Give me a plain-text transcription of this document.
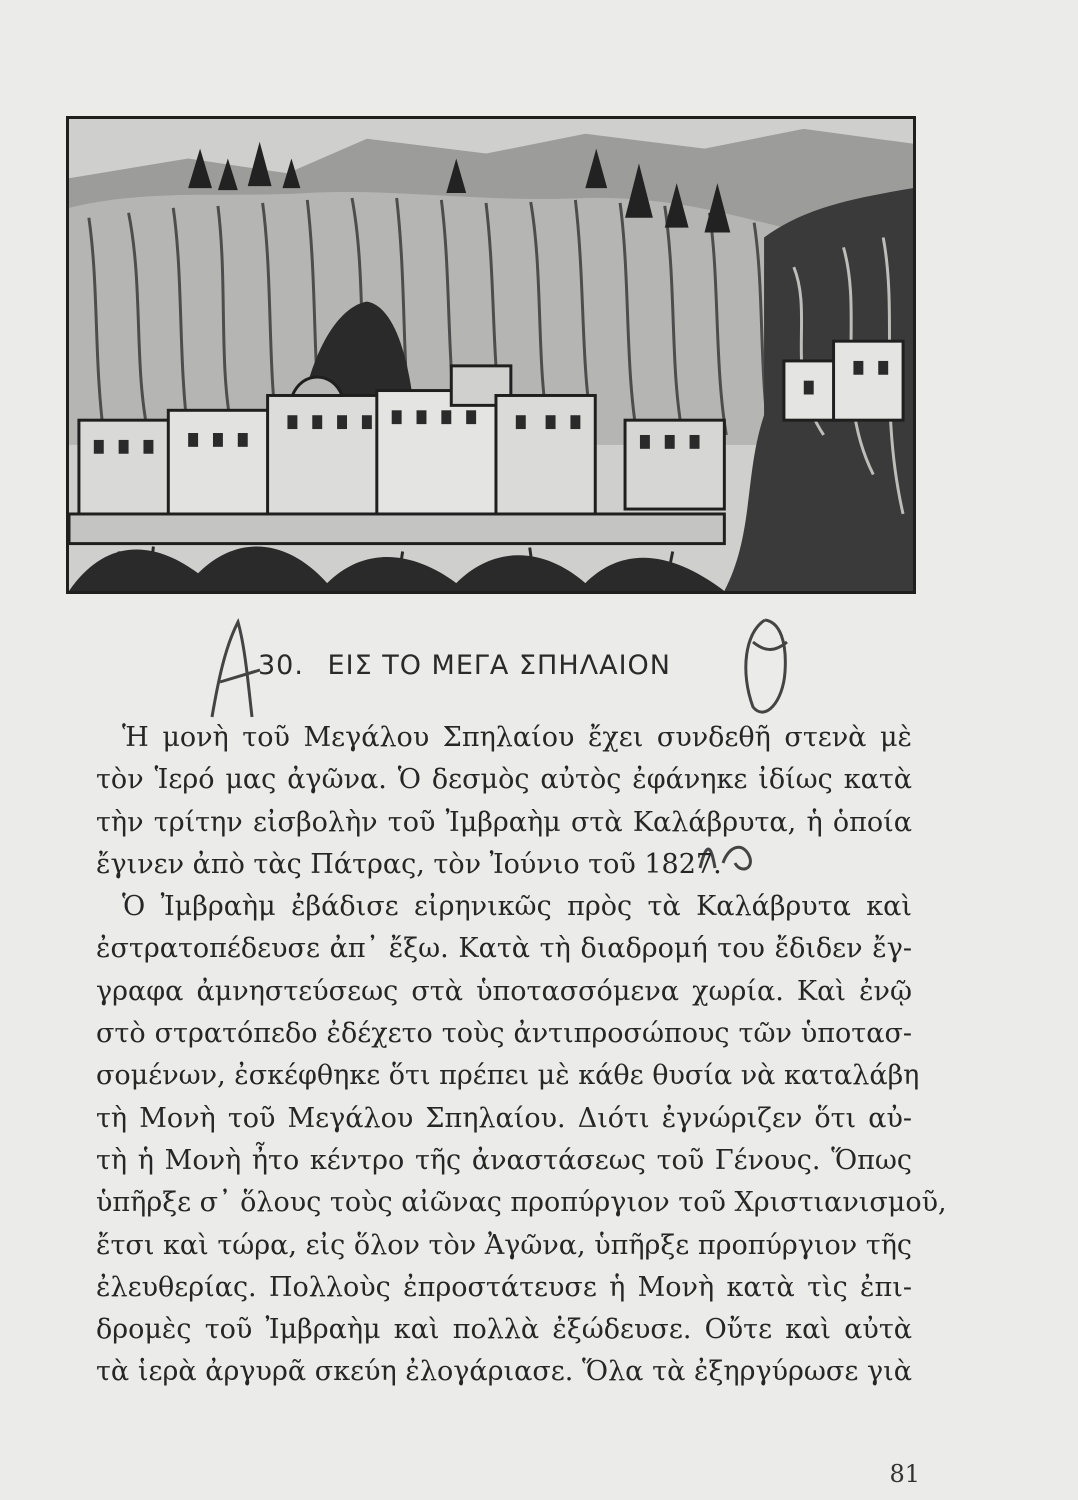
30. ΕΙΣ ΤΟ ΜΕΓΑ ΣΠΗΛΑΙΟΝ
Ἡ μονὴ τοῦ Μεγάλου Σπηλαίου ἔχει συνδεθῆ στενὰ μὲ
τὸν Ἱερό μας ἀγῶνα. Ὁ δεσμὸς αὐτὸς ἐφάνηκε ἰδίως κατὰ
τὴν τρίτην εἰσβολὴν τοῦ Ἰμβραὴμ στὰ Καλάβρυτα, ἡ ὁποία
ἔγινεν ἀπὸ τὰς Πάτρας, τὸν Ἰούνιο τοῦ 1827.
Ὁ Ἰμβραὴμ ἐβάδισε εἰρηνικῶς πρὸς τὰ Καλάβρυτα καὶ
ἐστρατοπέδευσε ἀπ᾿ ἔξω. Κατὰ τὴ διαδρομή του ἔδιδεν ἔγ-
γραφα ἀμνηστεύσεως στὰ ὑποτασσόμενα χωρία. Καὶ ἐνῷ
στὸ στρατόπεδο ἐδέχετο τοὺς ἀντιπροσώπους τῶν ὑποτασ-
σομένων, ἐσκέφθηκε ὅτι πρέπει μὲ κάθε θυσία νὰ καταλάβη
τὴ Μονὴ τοῦ Μεγάλου Σπηλαίου. Διότι ἐγνώριζεν ὅτι αὐ-
τὴ ἡ Μονὴ ἦτο κέντρο τῆς ἀναστάσεως τοῦ Γένους. Ὅπως
ὑπῆρξε σ᾿ ὅλους τοὺς αἰῶνας προπύργιον τοῦ Χριστιανισμοῦ,
ἔτσι καὶ τώρα, εἰς ὅλον τὸν Ἀγῶνα, ὑπῆρξε προπύργιον τῆς
ἐλευθερίας. Πολλοὺς ἐπροστάτευσε ἡ Μονὴ κατὰ τὶς ἐπι-
δρομὲς τοῦ Ἰμβραὴμ καὶ πολλὰ ἐξώδευσε. Οὔτε καὶ αὐτὰ
τὰ ἱερὰ ἀργυρᾶ σκεύη ἐλογάριασε. Ὅλα τὰ ἐξηργύρωσε γιὰ
81
